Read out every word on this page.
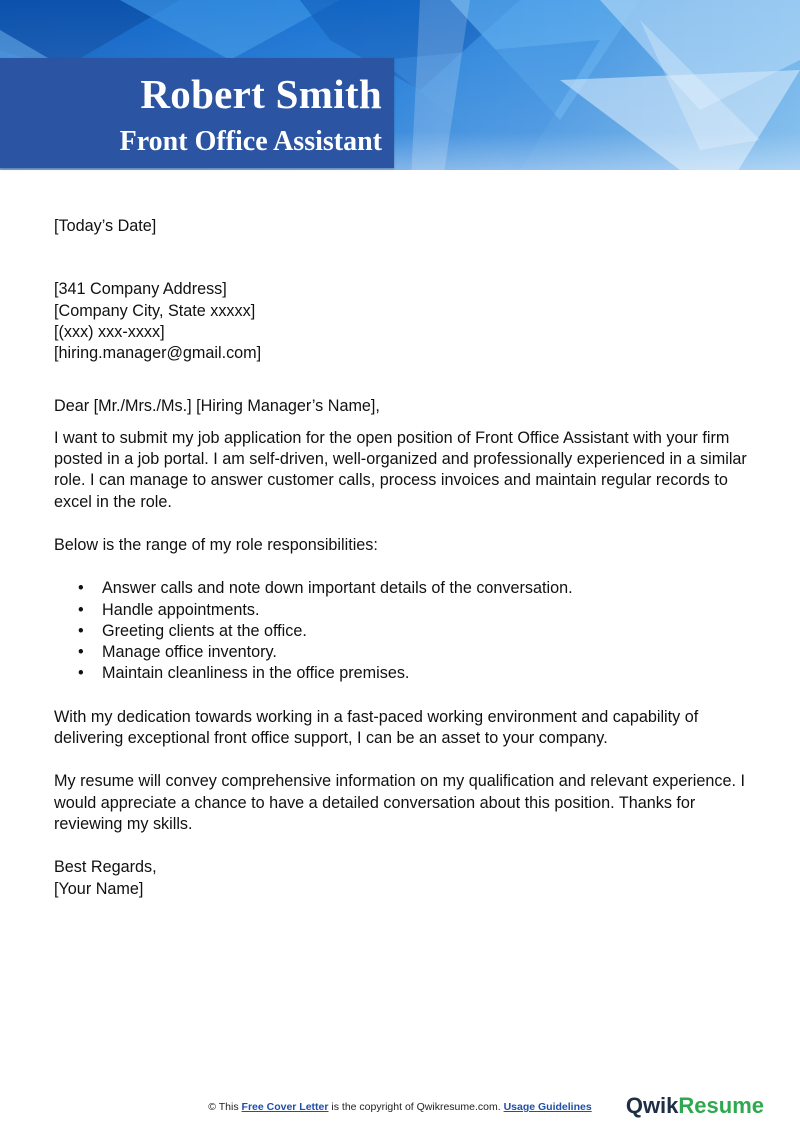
Robert Smith
Front Office Assistant

[Today’s Date]

[341 Company Address]

[Company City, State xxxxx]

[(xxx) xxx-xxxx]

[hiring.manager@gmail.com]

Dear [Mr./Mrs./Ms.] [Hiring Manager’s Name],

I want to submit my job application for the open position of Front Office Assistant with your firm posted in a job portal. I am self-driven, well-organized and professionally experienced in a similar role. I can manage to answer customer calls, process invoices and maintain regular records to excel in the role.

Below is the range of my role responsibilities:

• Answer calls and note down important details of the conversation.
• Handle appointments.
• Greeting clients at the office.
• Manage office inventory.
• Maintain cleanliness in the office premises.

With my dedication towards working in a fast-paced working environment and capability of delivering exceptional front office support, I can be an asset to your company.

My resume will convey comprehensive information on my qualification and relevant experience. I would appreciate a chance to have a detailed conversation about this position. Thanks for reviewing my skills.

Best Regards,

[Your Name]

© This Free Cover Letter is the copyright of Qwikresume.com. Usage Guidelines	QwikResume
